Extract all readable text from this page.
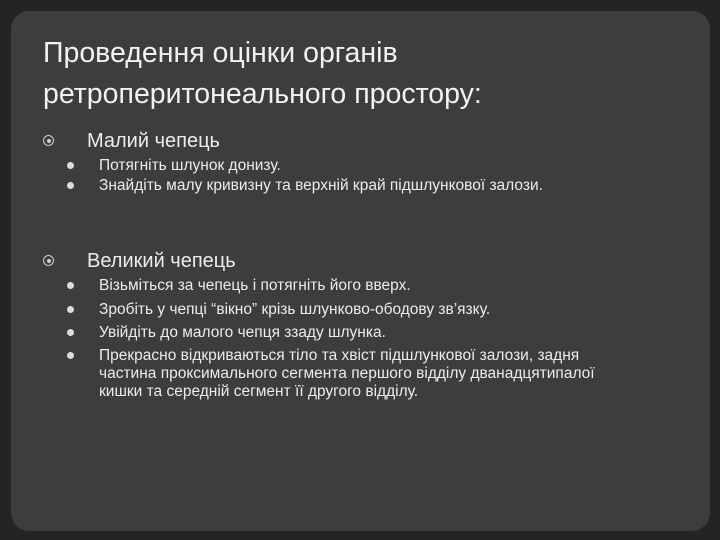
Проведення оцінки органів ретроперитонеального простору:
Малий чепець
Потягніть шлунок донизу.
Знайдіть малу кривизну та верхній край підшлункової залози.
Великий чепець
Візьміться за чепець і потягніть його вверх.
Зробіть у чепці “вікно” крізь шлунково-ободову зв’язку.
Увійдіть до малого чепця ззаду шлунка.
Прекрасно відкриваються тіло та хвіст підшлункової залози, задня частина проксимального сегмента першого відділу дванадцятипалої кишки та середній сегмент її другого відділу.
